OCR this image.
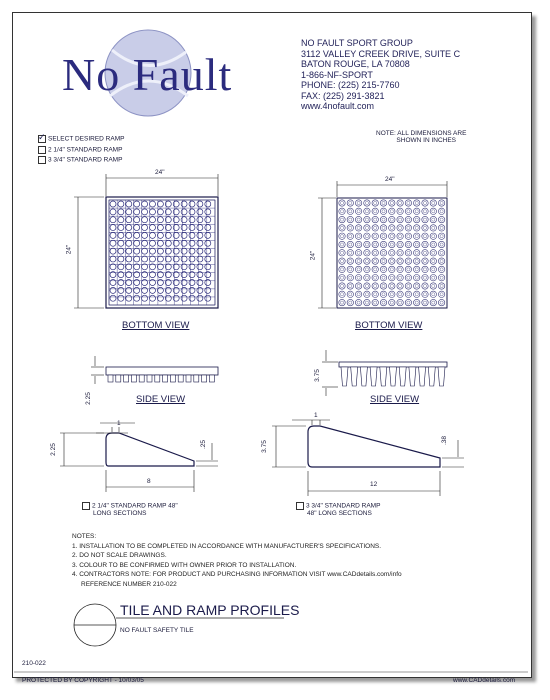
No Fault
NO FAULT SPORT GROUP
3112 VALLEY CREEK DRIVE, SUITE C
BATON ROUGE, LA 70808
1-866-NF-SPORT
PHONE: (225) 215-7760
FAX: (225) 291-3821
www.4nofault.com
✓ SELECT DESIRED RAMP
2 1/4" STANDARD RAMP
3 3/4" STANDARD RAMP
NOTE: ALL DIMENSIONS ARE
SHOWN IN INCHES
24"
24"
24"
24"
BOTTOM VIEW	BOTTOM VIEW
2.25
3.75
SIDE VIEW	SIDE VIEW
1
2.25	.25
8
1
3.75	.38
12
2 1/4" STANDARD RAMP 48"
LONG SECTIONS
3 3/4" STANDARD RAMP
48" LONG SECTIONS
NOTES:
1. INSTALLATION TO BE COMPLETED IN ACCORDANCE WITH MANUFACTURER'S SPECIFICATIONS.
2. DO NOT SCALE DRAWINGS.
3. COLOUR TO BE CONFIRMED WITH OWNER PRIOR TO INSTALLATION.
4. CONTRACTORS NOTE: FOR PRODUCT AND PURCHASING INFORMATION VISIT www.CADdetails.com/info
REFERENCE NUMBER 210-022
TILE AND RAMP PROFILES
NO FAULT SAFETY TILE
210-022
PROTECTED BY COPYRIGHT - 10/03/05	www.CADdetails.com
